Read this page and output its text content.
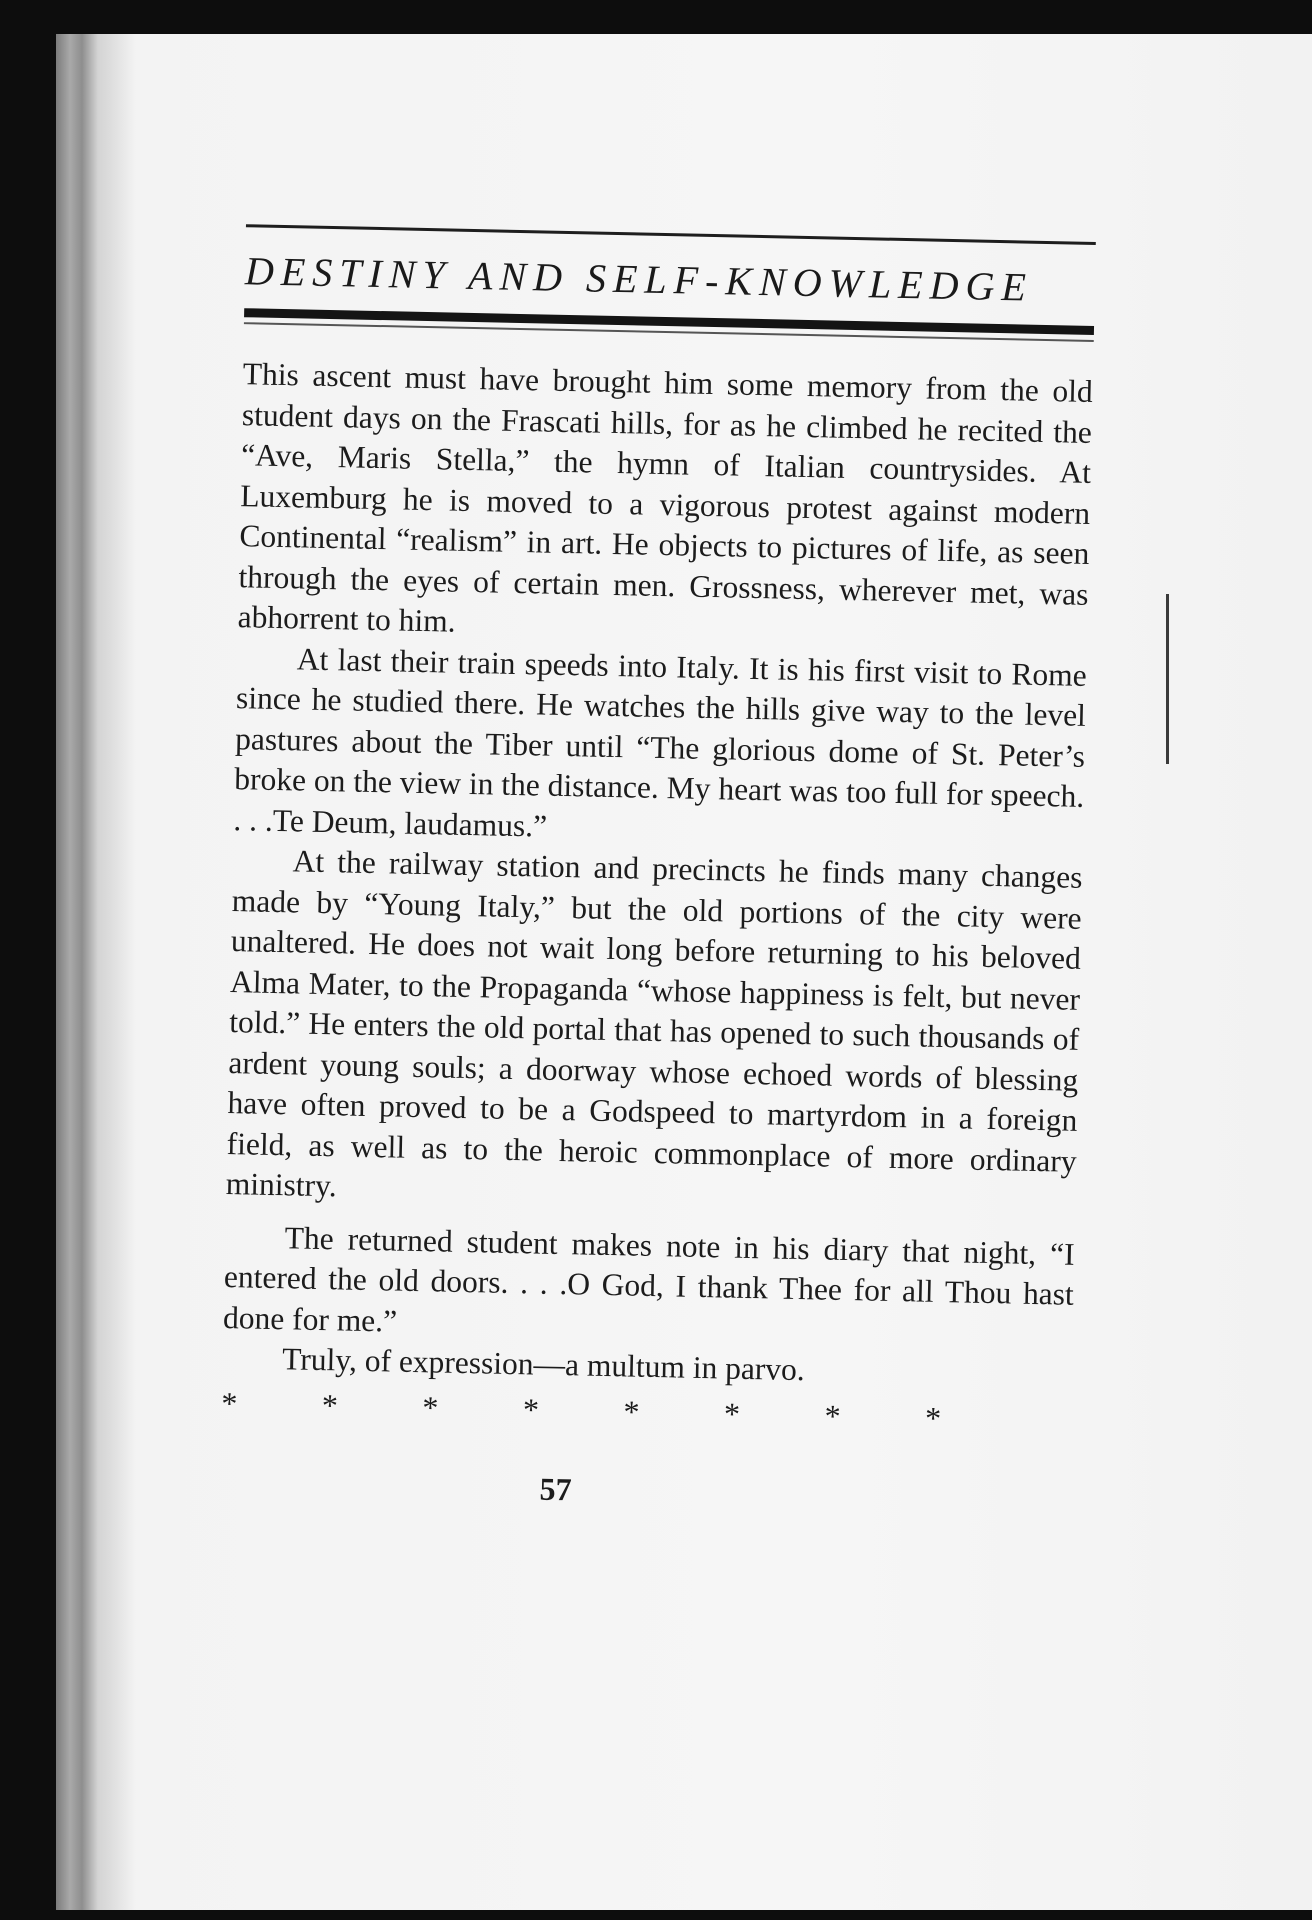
DESTINY AND SELF-KNOWLEDGE

This ascent must have brought him some memory from the old student days on the Frascati hills, for as he climbed he recited the “Ave, Maris Stella,” the hymn of Italian countrysides. At Luxemburg he is moved to a vigorous protest against modern Continental “realism” in art. He objects to pictures of life, as seen through the eyes of certain men. Grossness, wherever met, was abhorrent to him.

At last their train speeds into Italy. It is his first visit to Rome since he studied there. He watches the hills give way to the level pastures about the Tiber until “The glorious dome of St. Peter’s broke on the view in the distance. My heart was too full for speech. . . .Te Deum, laudamus.”

At the railway station and precincts he finds many changes made by “Young Italy,” but the old portions of the city were unaltered. He does not wait long before returning to his beloved Alma Mater, to the Propaganda “whose happiness is felt, but never told.” He enters the old portal that has opened to such thousands of ardent young souls; a doorway whose echoed words of blessing have often proved to be a Godspeed to martyrdom in a foreign field, as well as to the heroic commonplace of more ordinary ministry.

The returned student makes note in his diary that night, “I entered the old doors. . . .O God, I thank Thee for all Thou hast done for me.”

Truly, of expression—a multum in parvo.

*	*	*	*	*	*	*	*
57
